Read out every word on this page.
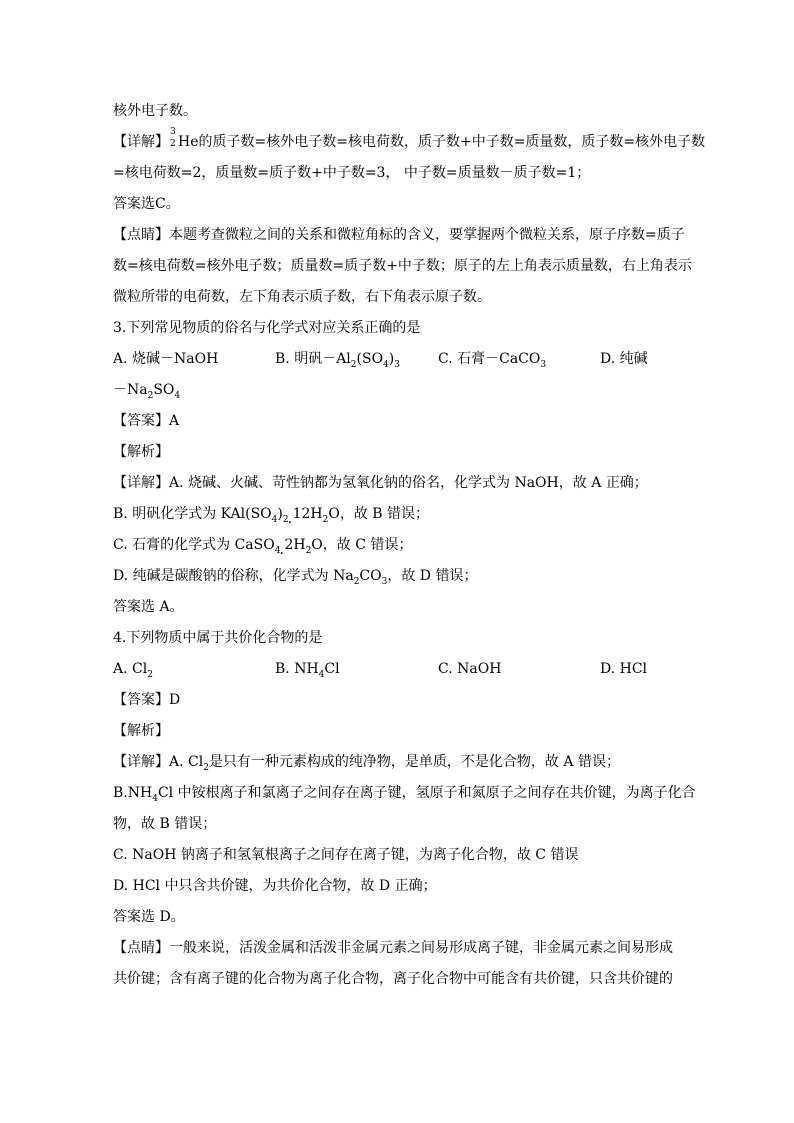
核外电子数。
【详解】
3
2 He的质子数=核外电子数=核电荷数，质子数+中子数=质量数，质子数=核外电子数
=核电荷数=2，质量数=质子数+中子数=3， 中子数=质量数－质子数=1；
答案选C。
【点睛】本题考查微粒之间的关系和微粒角标的含义，要掌握两个微粒关系，原子序数=质子
数=核电荷数=核外电子数；质量数=质子数+中子数；原子的左上角表示质量数，右上角表示
微粒所带的电荷数，左下角表示质子数，右下角表示原子数。
3.下列常见物质的俗名与化学式对应关系正确的是
A. 烧碱－NaOH	B. 明矾$-Al_2(SO_4)_3$	C. 石膏－CaCO$_3$	D. 纯碱
$-Na_2SO_4$
【答案】A
【解析】
【详解】A. 烧碱、火碱、苛性钠都为氢氧化钠的俗名，化学式为 NaOH，故 A 正确；
B. 明矾化学式为 $KAl(SO_4)_2$ $12H_2O$，故 B 错误；
C. 石膏的化学式为 CaSO$_4$ $2H_2O$，故 C 错误；
D. 纯碱是碳酸钠的俗称，化学式为 $Na_2CO_3$，故 D 错误；
答案选 A。
4.下列物质中属于共价化合物的是
A. $Cl_2$	B. $NH_4Cl$	C. NaOH	D. HCl
【答案】D
【解析】
【详解】A. $Cl_2$是只有一种元素构成的纯净物，是单质，不是化合物，故 A 错误；
$B.NH_4Cl$ 中铵根离子和氯离子之间存在离子键，氢原子和氮原子之间存在共价键，为离子化合
物，故 B 错误；
C. NaOH 钠离子和氢氧根离子之间存在离子键，为离子化合物，故 C 错误
D. HCl 中只含共价键，为共价化合物，故 D 正确；
答案选 D。
【点睛】一般来说，活泼金属和活泼非金属元素之间易形成离子键，非金属元素之间易形成
共价键；含有离子键的化合物为离子化合物，离子化合物中可能含有共价键，只含共价键的
